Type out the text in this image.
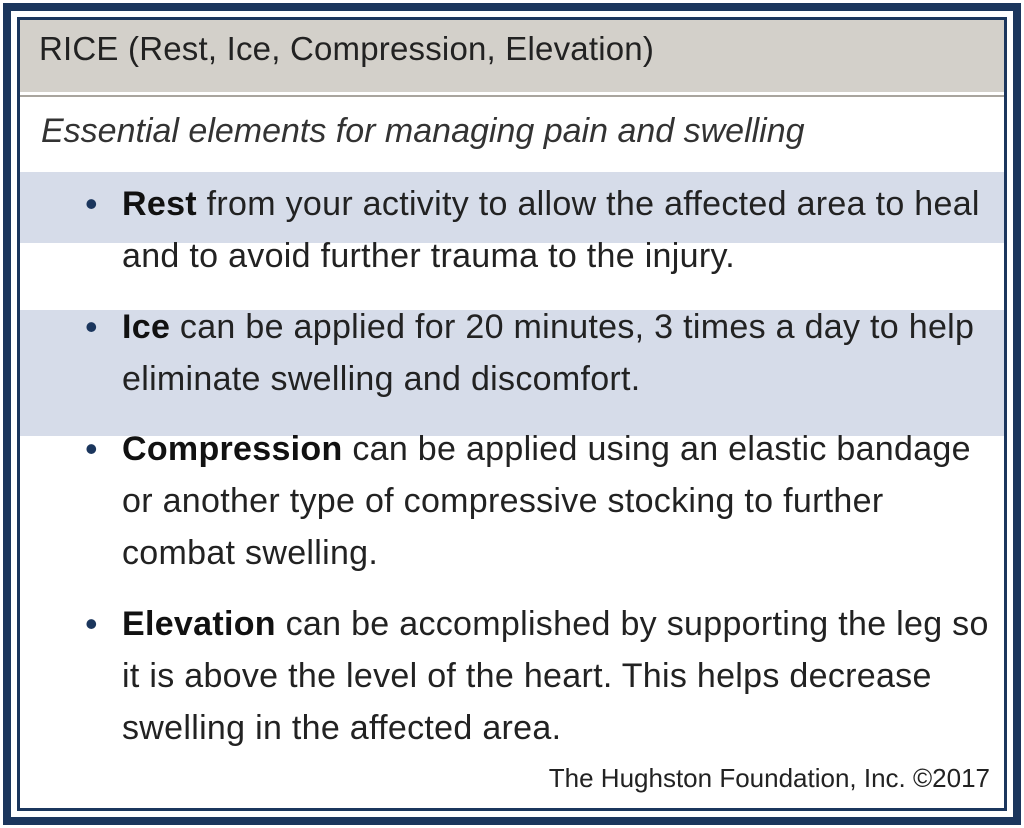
RICE (Rest, Ice, Compression, Elevation)
Essential elements for managing pain and swelling
• Rest from your activity to allow the affected area to heal and to avoid further trauma to the injury.
• Ice can be applied for 20 minutes, 3 times a day to help eliminate swelling and discomfort.
• Compression can be applied using an elastic bandage or another type of compressive stocking to further combat swelling.
• Elevation can be accomplished by supporting the leg so it is above the level of the heart. This helps decrease swelling in the affected area.
The Hughston Foundation, Inc. ©2017
